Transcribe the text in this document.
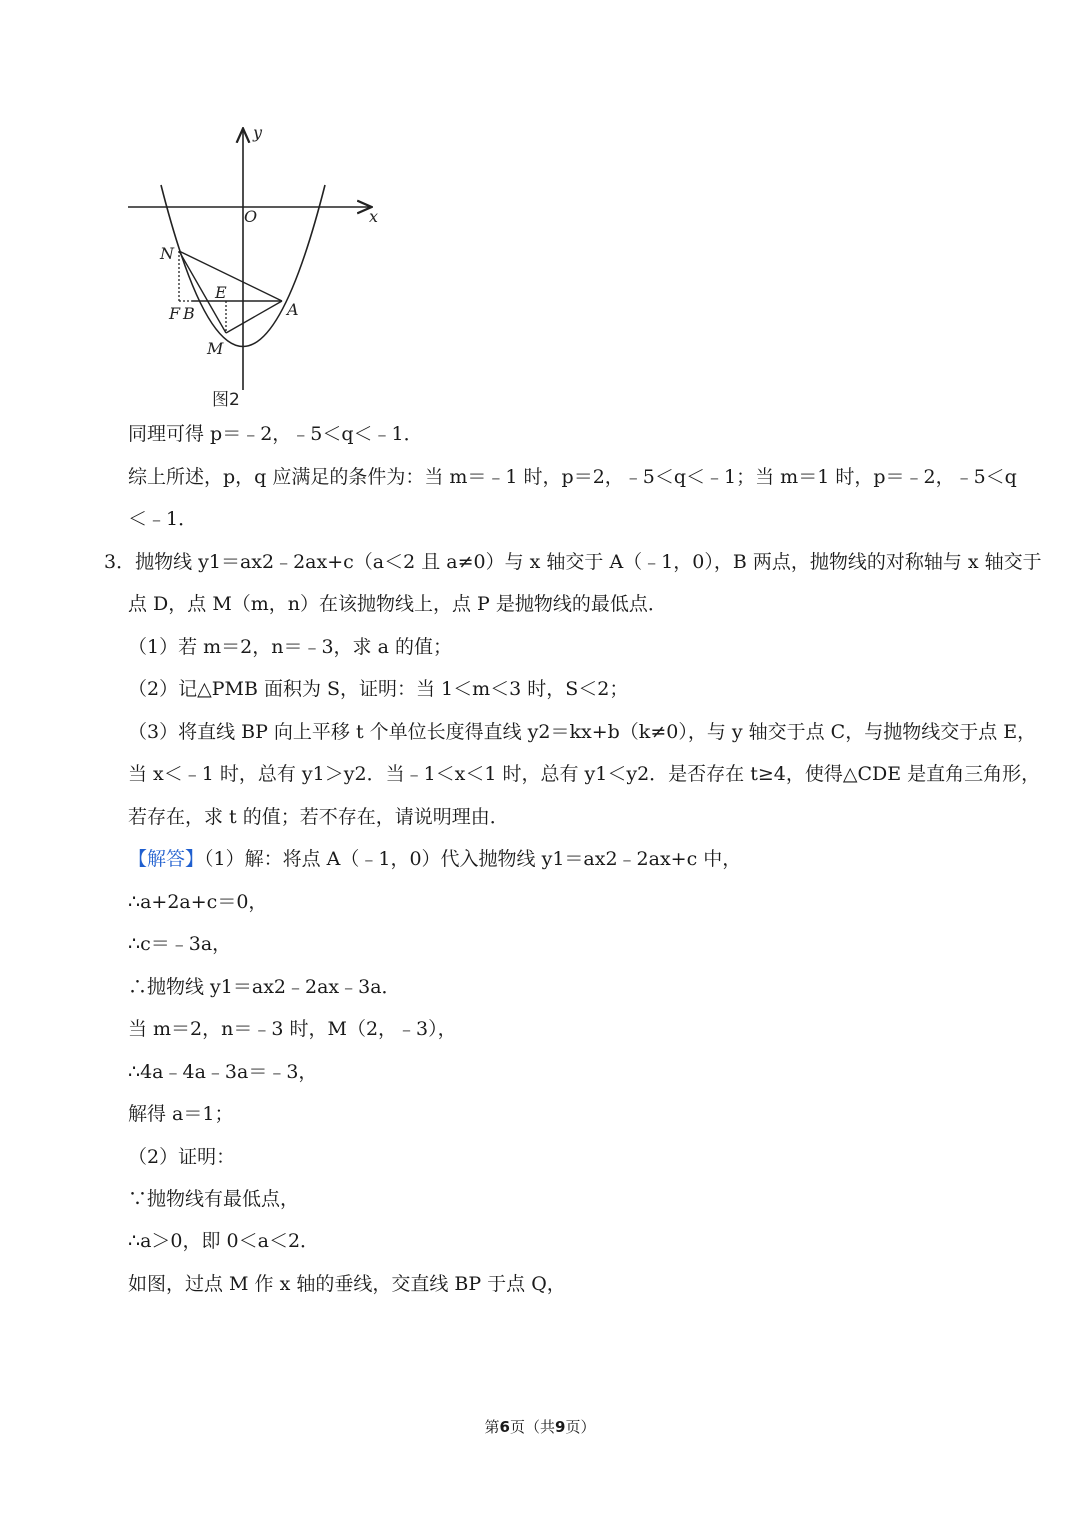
y
x
O
N
E
F B	A
M
图2
同理可得 p＝﹣2，﹣5＜q＜﹣1．
综上所述，p，q 应满足的条件为：当 m＝﹣1 时，p＝2，﹣5＜q＜﹣1；当 m＝1 时，p＝﹣2，﹣5＜q
＜﹣1．
3．抛物线 y1＝ax2﹣2ax+c（a＜2 且 a≠0）与 x 轴交于 A（﹣1，0），B 两点，抛物线的对称轴与 x 轴交于
点 D，点 M（m，n）在该抛物线上，点 P 是抛物线的最低点．
（1）若 m＝2，n＝﹣3，求 a 的值；
（2）记△PMB 面积为 S，证明：当 1＜m＜3 时，S＜2；
（3）将直线 BP 向上平移 t 个单位长度得直线 y2＝kx+b（k≠0），与 y 轴交于点 C，与抛物线交于点 E，
当 x＜﹣1 时，总有 y1＞y2．当﹣1＜x＜1 时，总有 y1＜y2．是否存在 t≥4，使得△CDE 是直角三角形，
若存在，求 t 的值；若不存在，请说明理由．
【解答】（1）解：将点 A（﹣1，0）代入抛物线 y1＝ax2﹣2ax+c 中，
∴a+2a+c＝0，
∴c＝﹣3a，
∴抛物线 y1＝ax2﹣2ax﹣3a．
当 m＝2，n＝﹣3 时，M（2，﹣3），
∴4a﹣4a﹣3a＝﹣3，
解得 a＝1；
（2）证明：
∵抛物线有最低点，
∴a＞0，即 0＜a＜2．
如图，过点 M 作 x 轴的垂线，交直线 BP 于点 Q，
第6页（共9页）
